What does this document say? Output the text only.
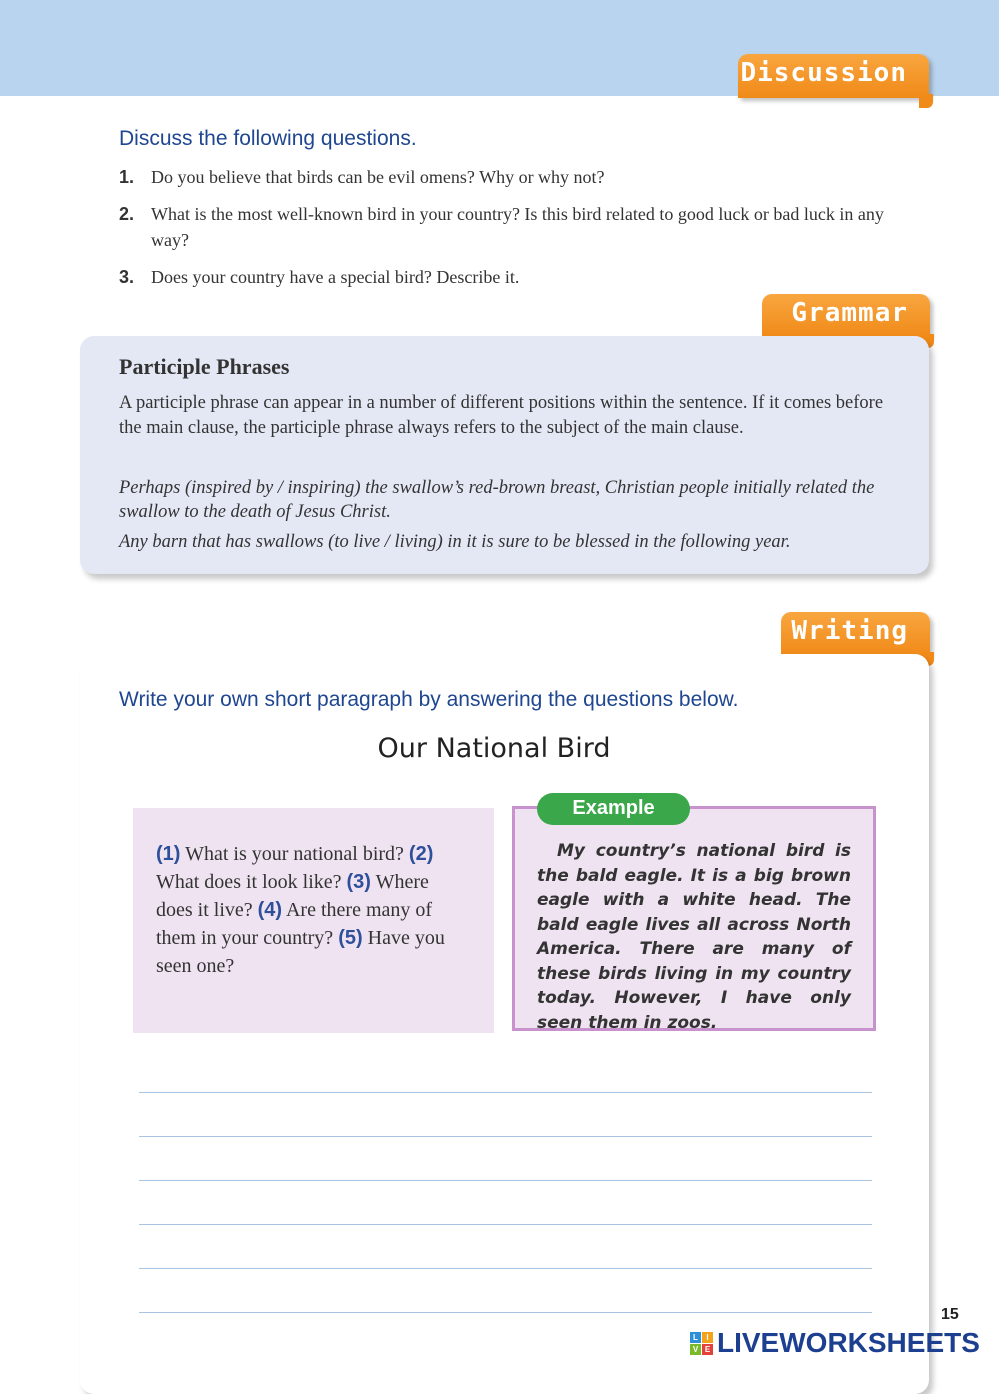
Discussion
Discuss the following questions.
1. Do you believe that birds can be evil omens? Why or why not?
2. What is the most well-known bird in your country? Is this bird related to good luck or bad luck in any way?
3. Does your country have a special bird? Describe it.
Grammar
Participle Phrases

A participle phrase can appear in a number of different positions within the sentence. If it comes before the main clause, the participle phrase always refers to the subject of the main clause.

Perhaps (inspired by / inspiring) the swallow’s red-brown breast, Christian people initially related the swallow to the death of Jesus Christ.

Any barn that has swallows (to live / living) in it is sure to be blessed in the following year.

Writing
Write your own short paragraph by answering the questions below.
Our National Bird
(1) What is your national bird? (2) What does it look like? (3) Where does it live? (4) Are there many of them in your country? (5) Have you seen one?

My country’s national bird is the bald eagle. It is a big brown eagle with a white head. The bald eagle lives all across North America. There are many of these birds living in my country today. However, I have only seen them in zoos.

Example
15
L	I
V E LIVEWORKSHEETS
